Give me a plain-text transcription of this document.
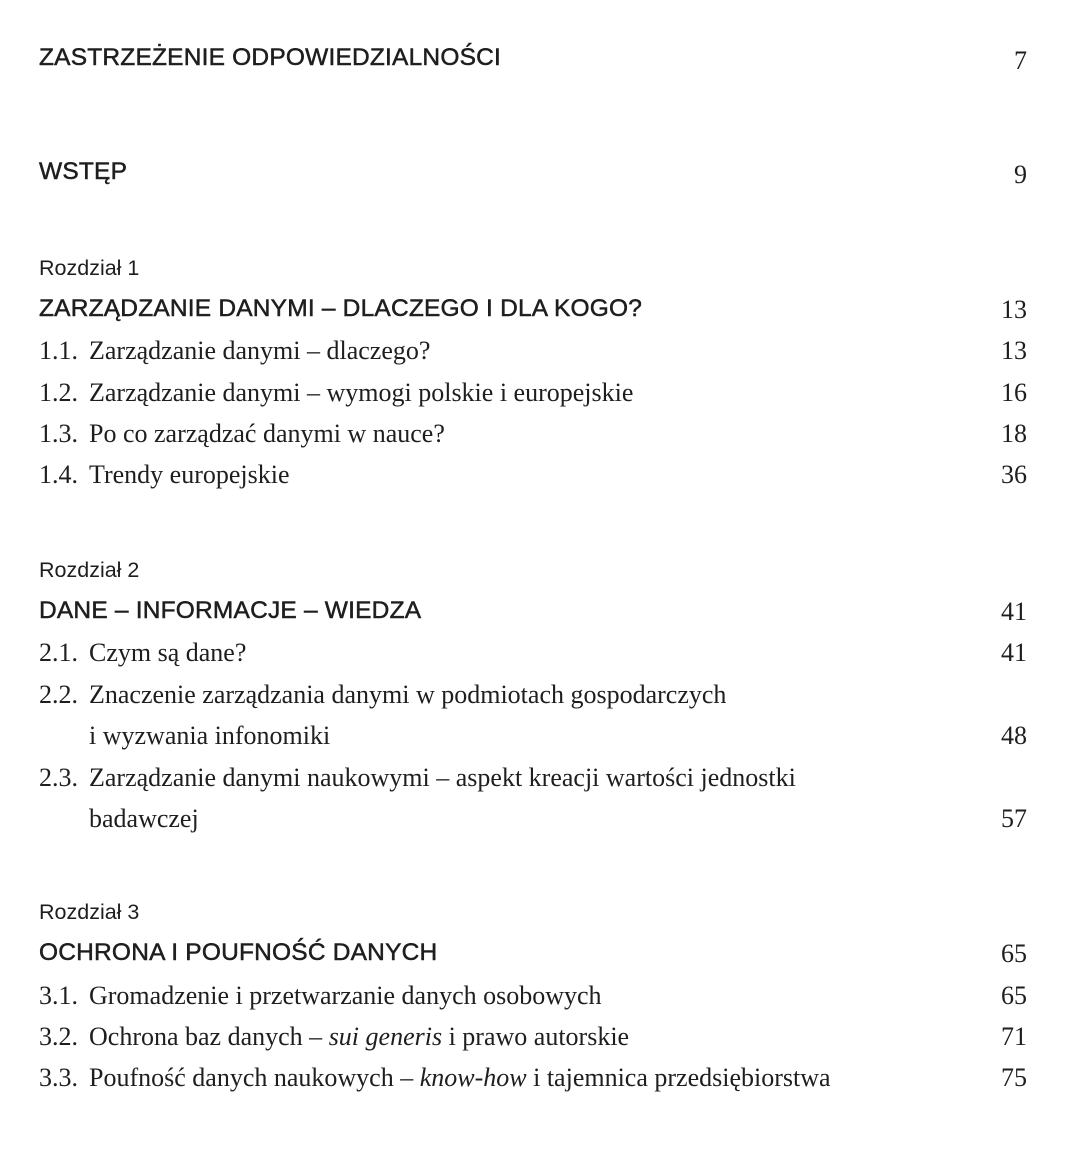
ZASTRZEŻENIE ODPOWIEDZIALNOŚCI	7
WSTĘP	9
Rozdział 1
ZARZĄDZANIE DANYMI – DLACZEGO I DLA KOGO?	13
1.1. Zarządzanie danymi – dlaczego?	13
1.2. Zarządzanie danymi – wymogi polskie i europejskie	16
1.3. Po co zarządzać danymi w nauce?	18
1.4. Trendy europejskie	36
Rozdział 2
DANE – INFORMACJE – WIEDZA	41
2.1. Czym są dane?	41
2.2. Znaczenie zarządzania danymi w podmiotach gospodarczych
i wyzwania infonomiki	48
2.3. Zarządzanie danymi naukowymi – aspekt kreacji wartości jednostki
badawczej	57
Rozdział 3
OCHRONA I POUFNOŚĆ DANYCH	65
3.1. Gromadzenie i przetwarzanie danych osobowych	65
3.2. Ochrona baz danych – sui generis i prawo autorskie	71
3.3. Poufność danych naukowych – know-how i tajemnica przedsiębiorstwa	75
